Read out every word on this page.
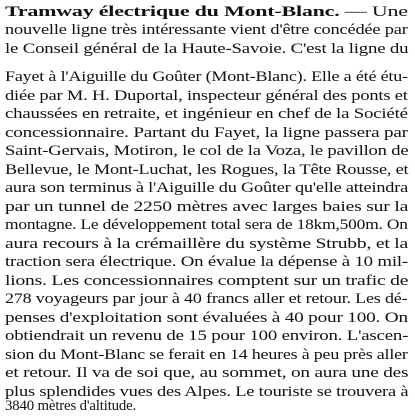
Tramway électrique du Mont-Blanc. — Une
nouvelle ligne très intéressante vient d'être concédée par
le Conseil général de la Haute-Savoie. C'est la ligne du
Fayet à l'Aiguille du Goûter (Mont-Blanc). Elle a été étu-
diée par M. H. Duportal, inspecteur général des ponts et
chaussées en retraite, et ingénieur en chef de la Société
concessionnaire. Partant du Fayet, la ligne passera par
Saint-Gervais, Motiron, le col de la Voza, le pavillon de
Bellevue, le Mont-Luchat, les Rogues, la Tête Rousse, et
aura son terminus à l'Aiguille du Goûter qu'elle atteindra
par un tunnel de 2250 mètres avec larges baies sur la
montagne. Le développement total sera de 18km,500m. On
aura recours à la crémaillère du système Strubb, et la
traction sera électrique. On évalue la dépense à 10 mil-
lions. Les concessionnaires comptent sur un trafic de
278 voyageurs par jour à 40 francs aller et retour. Les dé-
penses d'exploitation sont évaluées à 40 pour 100. On
obtiendrait un revenu de 15 pour 100 environ. L'ascen-
sion du Mont-Blanc se ferait en 14 heures à peu près aller
et retour. Il va de soi que, au sommet, on aura une des
plus splendides vues des Alpes. Le touriste se trouvera à
3840 mètres d'altitude.
